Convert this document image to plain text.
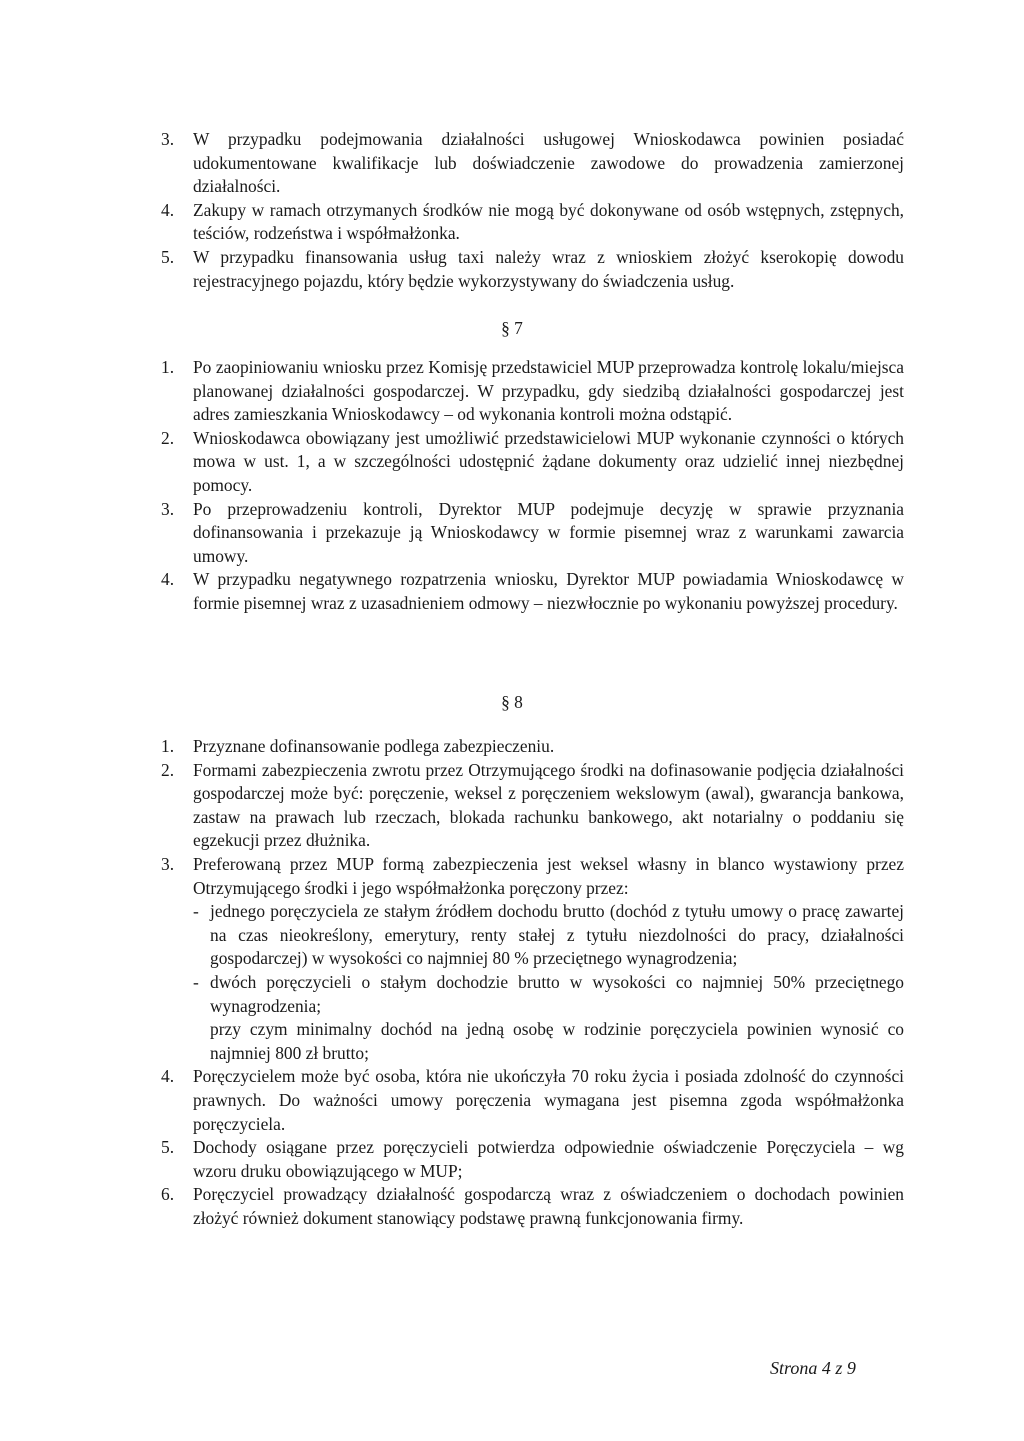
3. W przypadku podejmowania działalności usługowej Wnioskodawca powinien posiadać udokumentowane kwalifikacje lub doświadczenie zawodowe do prowadzenia zamierzonej działalności.
4. Zakupy w ramach otrzymanych środków nie mogą być dokonywane od osób wstępnych, zstępnych, teściów, rodzeństwa i współmałżonka.
5. W przypadku finansowania usług taxi należy wraz z wnioskiem złożyć kserokopię dowodu rejestracyjnego pojazdu, który będzie wykorzystywany do świadczenia usług.
§ 7
1. Po zaopiniowaniu wniosku przez Komisję przedstawiciel MUP przeprowadza kontrolę lokalu/miejsca planowanej działalności gospodarczej. W przypadku, gdy siedzibą działalności gospodarczej jest adres zamieszkania Wnioskodawcy – od wykonania kontroli można odstąpić.
2. Wnioskodawca obowiązany jest umożliwić przedstawicielowi MUP wykonanie czynności o których mowa w ust. 1, a w szczególności udostępnić żądane dokumenty oraz udzielić innej niezbędnej pomocy.
3. Po przeprowadzeniu kontroli, Dyrektor MUP podejmuje decyzję w sprawie przyznania dofinansowania i przekazuje ją Wnioskodawcy w formie pisemnej wraz z warunkami zawarcia umowy.
4. W przypadku negatywnego rozpatrzenia wniosku, Dyrektor MUP powiadamia Wnioskodawcę w formie pisemnej wraz z uzasadnieniem odmowy – niezwłocznie po wykonaniu powyższej procedury.
§ 8
1. Przyznane dofinansowanie podlega zabezpieczeniu.
2. Formami zabezpieczenia zwrotu przez Otrzymującego środki na dofinasowanie podjęcia działalności gospodarczej może być: poręczenie, weksel z poręczeniem wekslowym (awal), gwarancja bankowa, zastaw na prawach lub rzeczach, blokada rachunku bankowego, akt notarialny o poddaniu się egzekucji przez dłużnika.
3. Preferowaną przez MUP formą zabezpieczenia jest weksel własny in blanco wystawiony przez Otrzymującego środki i jego współmałżonka poręczony przez:
- jednego poręczyciela ze stałym źródłem dochodu brutto (dochód z tytułu umowy o pracę zawartej na czas nieokreślony, emerytury, renty stałej z tytułu niezdolności do pracy, działalności gospodarczej) w wysokości co najmniej 80 % przeciętnego wynagrodzenia;
- dwóch poręczycieli o stałym dochodzie brutto w wysokości co najmniej 50% przeciętnego wynagrodzenia;
przy czym minimalny dochód na jedną osobę w rodzinie poręczyciela powinien wynosić co najmniej 800 zł brutto;
4. Poręczycielem może być osoba, która nie ukończyła 70 roku życia i posiada zdolność do czynności prawnych. Do ważności umowy poręczenia wymagana jest pisemna zgoda współmałżonka poręczyciela.
5. Dochody osiągane przez poręczycieli potwierdza odpowiednie oświadczenie Poręczyciela – wg wzoru druku obowiązującego w MUP;
6. Poręczyciel prowadzący działalność gospodarczą wraz z oświadczeniem o dochodach powinien złożyć również dokument stanowiący podstawę prawną funkcjonowania firmy.
Strona 4 z 9
